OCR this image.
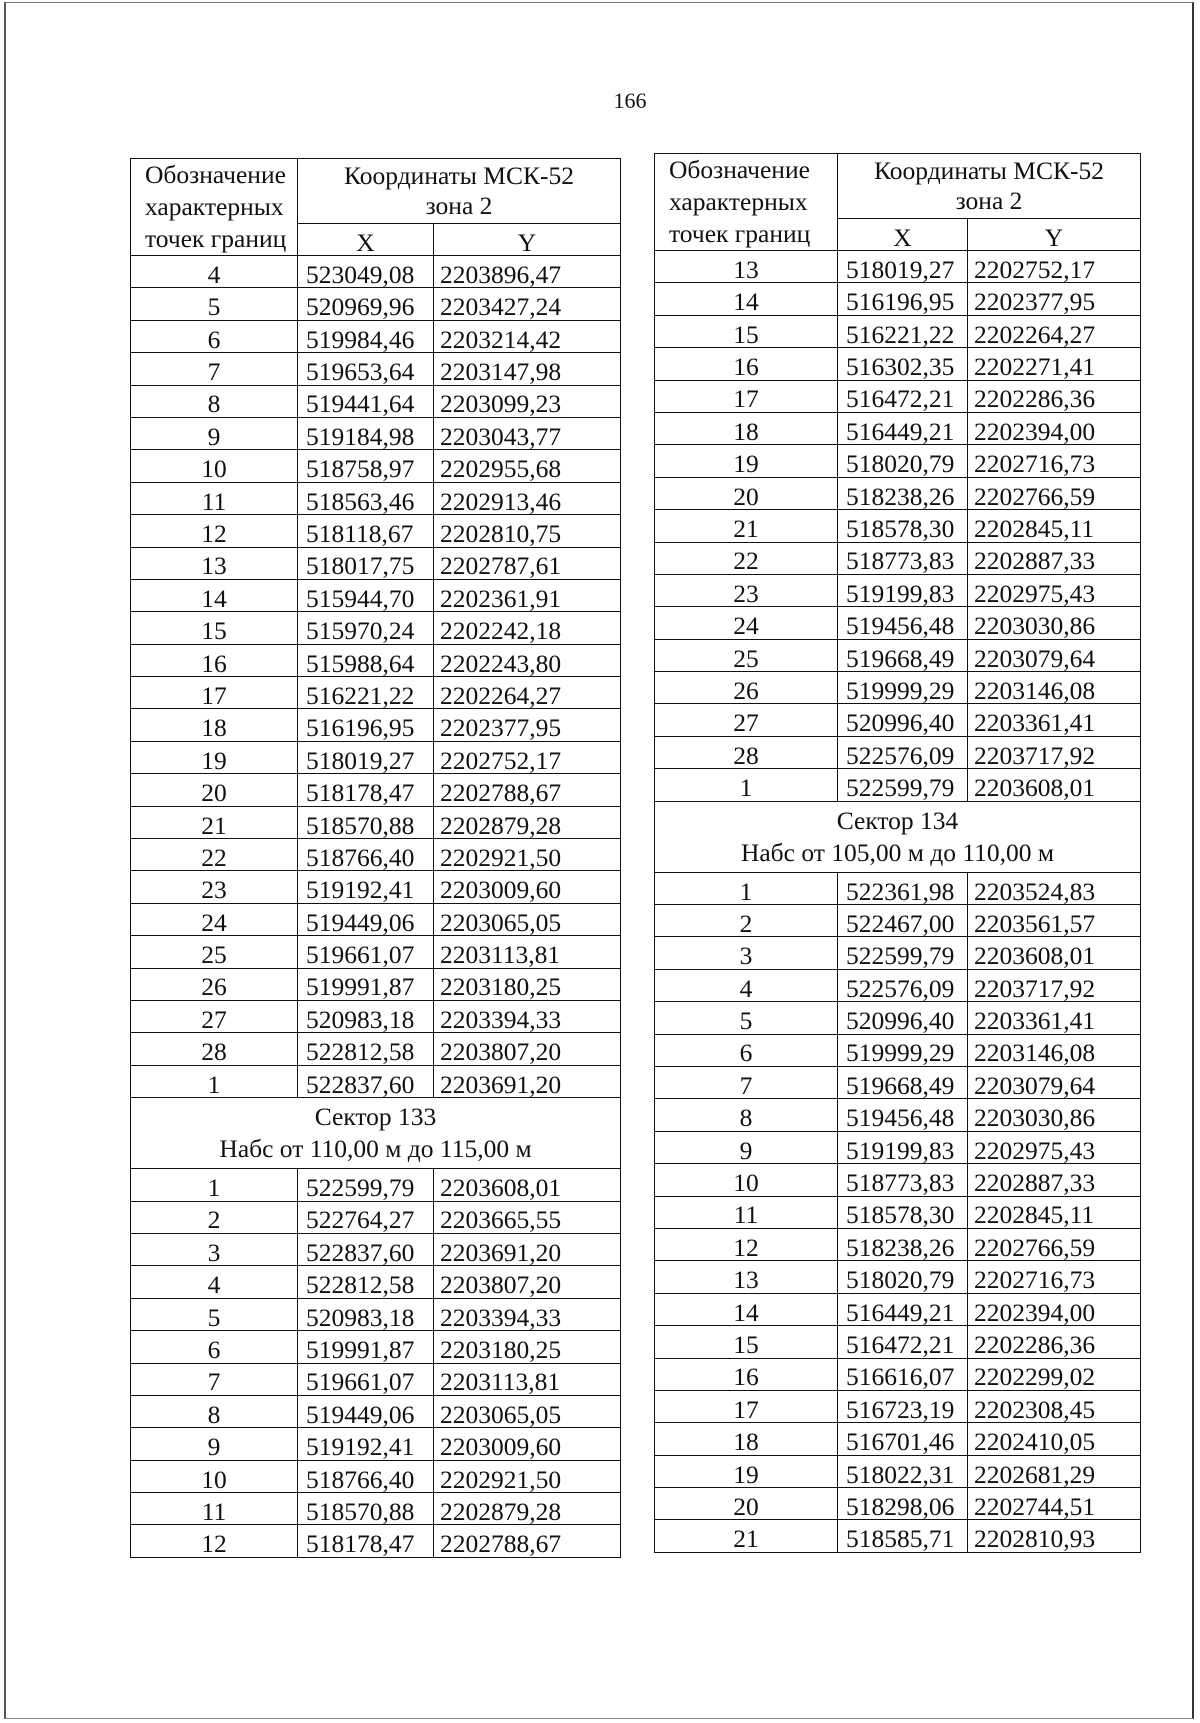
166
Обозначение
характерных
точек границ	Координаты МСК-52
зона 2	
	X	Y
4	523049,08	2203896,47
5	520969,96	2203427,24
6	519984,46	2203214,42
7	519653,64	2203147,98
8	519441,64	2203099,23
9	519184,98	2203043,77
10	518758,97	2202955,68
11	518563,46	2202913,46
12	518118,67	2202810,75
13	518017,75	2202787,61
14	515944,70	2202361,91
15	515970,24	2202242,18
16	515988,64	2202243,80
17	516221,22	2202264,27
18	516196,95	2202377,95
19	518019,27	2202752,17
20	518178,47	2202788,67
21	518570,88	2202879,28
22	518766,40	2202921,50
23	519192,41	2203009,60
24	519449,06	2203065,05
25	519661,07	2203113,81
26	519991,87	2203180,25
27	520983,18	2203394,33
28	522812,58	2203807,20
1	522837,60	2203691,20
Сектор 133
Набс от 110,00 м до 115,00 м		
1	522599,79	2203608,01
2	522764,27	2203665,55
3	522837,60	2203691,20
4	522812,58	2203807,20
5	520983,18	2203394,33
6	519991,87	2203180,25
7	519661,07	2203113,81
8	519449,06	2203065,05
9	519192,41	2203009,60
10	518766,40	2202921,50
11	518570,88	2202879,28
12	518178,47	2202788,67
Обозначение
характерных
точек границ	Координаты МСК-52
зона 2	
	X	Y
13	518019,27	2202752,17
14	516196,95	2202377,95
15	516221,22	2202264,27
16	516302,35	2202271,41
17	516472,21	2202286,36
18	516449,21	2202394,00
19	518020,79	2202716,73
20	518238,26	2202766,59
21	518578,30	2202845,11
22	518773,83	2202887,33
23	519199,83	2202975,43
24	519456,48	2203030,86
25	519668,49	2203079,64
26	519999,29	2203146,08
27	520996,40	2203361,41
28	522576,09	2203717,92
1	522599,79	2203608,01
Сектор 134
Набс от 105,00 м до 110,00 м		
1	522361,98	2203524,83
2	522467,00	2203561,57
3	522599,79	2203608,01
4	522576,09	2203717,92
5	520996,40	2203361,41
6	519999,29	2203146,08
7	519668,49	2203079,64
8	519456,48	2203030,86
9	519199,83	2202975,43
10	518773,83	2202887,33
11	518578,30	2202845,11
12	518238,26	2202766,59
13	518020,79	2202716,73
14	516449,21	2202394,00
15	516472,21	2202286,36
16	516616,07	2202299,02
17	516723,19	2202308,45
18	516701,46	2202410,05
19	518022,31	2202681,29
20	518298,06	2202744,51
21	518585,71	2202810,93
